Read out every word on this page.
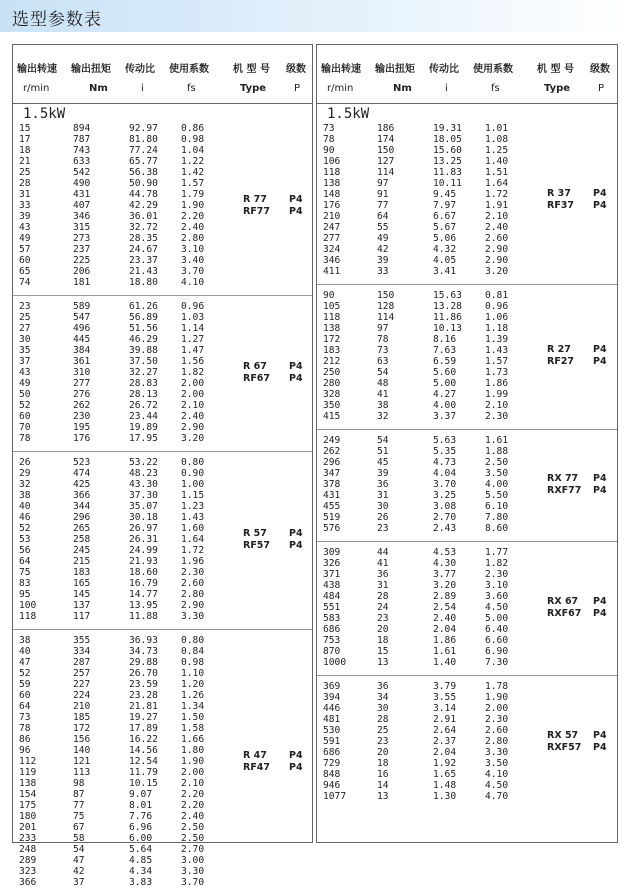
选型参数表
输出转速 输出扭矩 传动比 使用系数 机 型 号 级数
r/min	Nm	i	fs	Type	P
1.5kW
15	894	92.97 0.86
17	787	81.80 0.98
18	743	77.24 1.04
21	633	65.77 1.22
25	542	56.38 1.42
28	490	50.90 1.57
31	431	44.78 1.79
33	407	42.29 1.90
39	346	36.01 2.20
43	315	32.72 2.40
49	273	28.35 2.80
57	237	24.67 3.10
60	225	23.37 3.40
65	206	21.43 3.70
74	181	18.80 4.10
R 77 P4
RF77 P4
23	589	61.26 0.96
25	547	56.89 1.03
27	496	51.56 1.14
30	445	46.29 1.27
35	384	39.88 1.47
37	361	37.50 1.56
43	310	32.27 1.82
49	277	28.83 2.00
50	276	28.13 2.00
52	262	26.72 2.10
60	230	23.44 2.40
70	195	19.89 2.90
78	176	17.95 3.20
R 67 P4
RF67 P4
26	523	53.22 0.80
29	474	48.23 0.90
32	425	43.30 1.00
38	366	37.30 1.15
40	344	35.07 1.23
46	296	30.18 1.43
52	265	26.97 1.60
53	258	26.31 1.64
56	245	24.99 1.72
64	215	21.93 1.96
75	183	18.60 2.30
83	165	16.79 2.60
95	145	14.77 2.80
100	137	13.95 2.90
118	117	11.88 3.30
R 57 P4
RF57 P4
38	355	36.93 0.80
40	334	34.73 0.84
47	287	29.88 0.98
52	257	26.70 1.10
59	227	23.59 1.20
60	224	23.28 1.26
64	210	21.81 1.34
73	185	19.27 1.50
78	172	17.89 1.58
86	156	16.22 1.66
96	140	14.56 1.80
112	121	12.54 1.90
119	113	11.79 2.00
138	98	10.15 2.10
154	87	9.07	2.20
175	77	8.01	2.20
180	75	7.76	2.40
201	67	6.96	2.50
233	58	6.00	2.50
248	54	5.64	2.70
289	47	4.85	3.00
323	42	4.34	3.30
366	37	3.83	3.70
R 47 P4
RF47 P4
输出转速 输出扭矩 传动比 使用系数 机 型 号 级数
r/min	Nm	i	fs	Type	P
1.5kW
73	186	19.31 1.01
78	174	18.05 1.08
90	150	15.60 1.25
106	127	13.25 1.40
118	114	11.83 1.51
138	97	10.11 1.64
148	91	9.45	1.72
176	77	7.97	1.91
210	64	6.67	2.10
247	55	5.67	2.40
277	49	5.06	2.60
324	42	4.32	2.90
346	39	4.05	2.90
411	33	3.41	3.20
R 37 P4
RF37 P4
90	150	15.63 0.81
105	128	13.28 0.96
118	114	11.86 1.06
138	97	10.13 1.18
172	78	8.16	1.39
183	73	7.63	1.43
212	63	6.59	1.57
250	54	5.60	1.73
280	48	5.00	1.86
328	41	4.27	1.99
350	38	4.00	2.10
415	32	3.37	2.30
R 27 P4
RF27 P4
249	54	5.63	1.61
262	51	5.35	1.88
296	45	4.73	2.50
347	39	4.04	3.50
378	36	3.70	4.00
431	31	3.25	5.50
455	30	3.08	6.10
519	26	2.70	7.80
576	23	2.43	8.60
RX 77 P4
RXF77 P4
309	44	4.53	1.77
326	41	4.30	1.82
371	36	3.77	2.30
438	31	3.20	3.10
484	28	2.89	3.60
551	24	2.54	4.50
583	23	2.40	5.00
686	20	2.04	6.40
753	18	1.86	6.60
870	15	1.61	6.90
1000	13	1.40	7.30
RX 67 P4
RXF67 P4
369	36	3.79	1.78
394	34	3.55	1.90
446	30	3.14	2.00
481	28	2.91	2.30
530	25	2.64	2.60
591	23	2.37	2.80
686	20	2.04	3.30
729	18	1.92	3.50
848	16	1.65	4.10
946	14	1.48	4.50
1077	13	1.30	4.70
RX 57 P4
RXF57 P4
